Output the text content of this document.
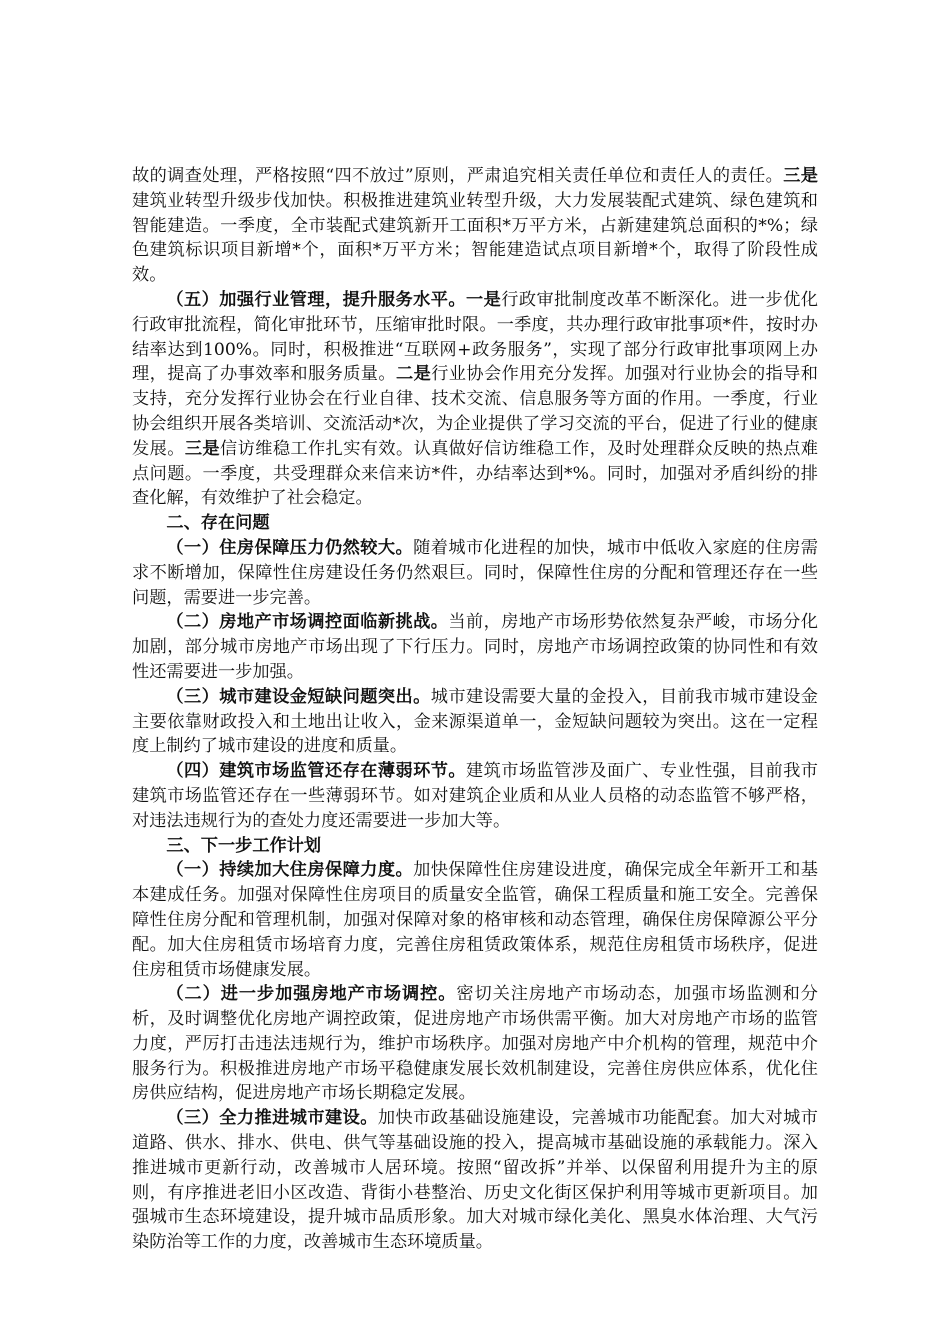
故的调查处理，严格按照“四不放过”原则，严肃追究相关责任单位和责任人的责任。三是建筑业转型升级步伐加快。积极推进建筑业转型升级，大力发展装配式建筑、绿色建筑和智能建造。一季度，全市装配式建筑新开工面积*万平方米，占新建建筑总面积的*%；绿色建筑标识项目新增*个，面积*万平方米；智能建造试点项目新增*个，取得了阶段性成效。

（五）加强行业管理，提升服务水平。一是行政审批制度改革不断深化。进一步优化行政审批流程，简化审批环节，压缩审批时限。一季度，共办理行政审批事项*件，按时办结率达到100%。同时，积极推进“互联网+政务服务”，实现了部分行政审批事项网上办理，提高了办事效率和服务质量。二是行业协会作用充分发挥。加强对行业协会的指导和支持，充分发挥行业协会在行业自律、技术交流、信息服务等方面的作用。一季度，行业协会组织开展各类培训、交流活动*次，为企业提供了学习交流的平台，促进了行业的健康发展。三是信访维稳工作扎实有效。认真做好信访维稳工作，及时处理群众反映的热点难点问题。一季度，共受理群众来信来访*件，办结率达到*%。同时，加强对矛盾纠纷的排查化解，有效维护了社会稳定。

二、存在问题

（一）住房保障压力仍然较大。随着城市化进程的加快，城市中低收入家庭的住房需求不断增加，保障性住房建设任务仍然艰巨。同时，保障性住房的分配和管理还存在一些问题，需要进一步完善。

（二）房地产市场调控面临新挑战。当前，房地产市场形势依然复杂严峻，市场分化加剧，部分城市房地产市场出现了下行压力。同时，房地产市场调控政策的协同性和有效性还需要进一步加强。

（三）城市建设金短缺问题突出。城市建设需要大量的金投入，目前我市城市建设金主要依靠财政投入和土地出让收入，金来源渠道单一，金短缺问题较为突出。这在一定程度上制约了城市建设的进度和质量。

（四）建筑市场监管还存在薄弱环节。建筑市场监管涉及面广、专业性强，目前我市建筑市场监管还存在一些薄弱环节。如对建筑企业质和从业人员格的动态监管不够严格，对违法违规行为的查处力度还需要进一步加大等。

三、下一步工作计划

（一）持续加大住房保障力度。加快保障性住房建设进度，确保完成全年新开工和基本建成任务。加强对保障性住房项目的质量安全监管，确保工程质量和施工安全。完善保障性住房分配和管理机制，加强对保障对象的格审核和动态管理，确保住房保障源公平分配。加大住房租赁市场培育力度，完善住房租赁政策体系，规范住房租赁市场秩序，促进住房租赁市场健康发展。

（二）进一步加强房地产市场调控。密切关注房地产市场动态，加强市场监测和分析，及时调整优化房地产调控政策，促进房地产市场供需平衡。加大对房地产市场的监管力度，严厉打击违法违规行为，维护市场秩序。加强对房地产中介机构的管理，规范中介服务行为。积极推进房地产市场平稳健康发展长效机制建设，完善住房供应体系，优化住房供应结构，促进房地产市场长期稳定发展。

（三）全力推进城市建设。加快市政基础设施建设，完善城市功能配套。加大对城市道路、供水、排水、供电、供气等基础设施的投入，提高城市基础设施的承载能力。深入推进城市更新行动，改善城市人居环境。按照“留改拆”并举、以保留利用提升为主的原则，有序推进老旧小区改造、背街小巷整治、历史文化街区保护利用等城市更新项目。加强城市生态环境建设，提升城市品质形象。加大对城市绿化美化、黑臭水体治理、大气污染防治等工作的力度，改善城市生态环境质量。
